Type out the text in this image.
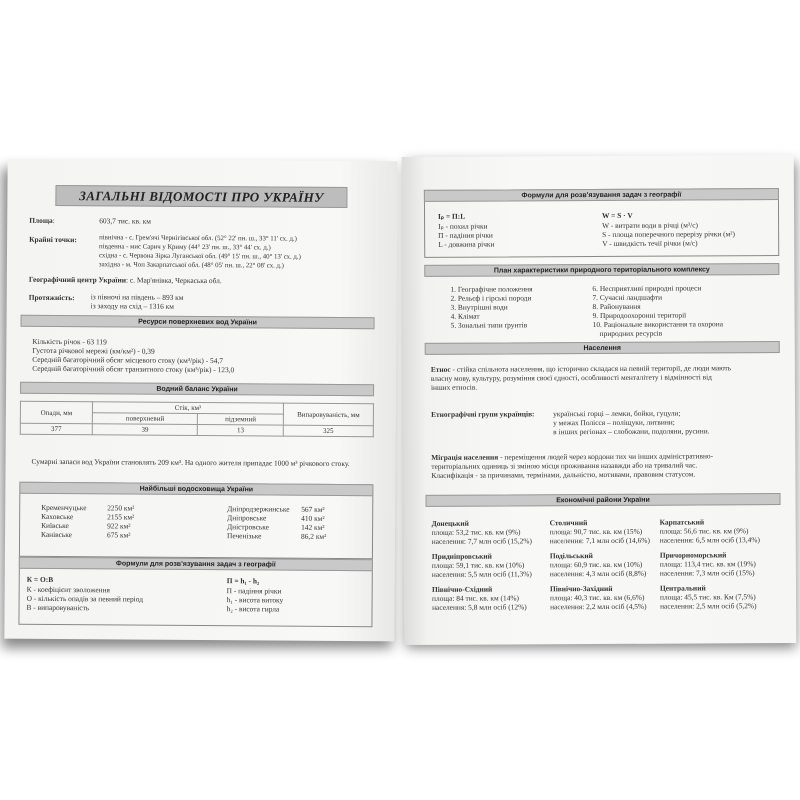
ЗАГАЛЬНІ ВІДОМОСТІ ПРО УКРАЇНУ
Площа:	603,7 тис. кв. км
Крайні точки:	північна - с. Грем'ячі Чернігівської обл. (52° 22' пн. ш., 33° 11' сх. д.)
південна - мис Сарич у Криму (44° 23' пн. ш., 33° 44' сх. д.)
східна - с. Червона Зірка Луганської обл. (49° 15' пн. ш., 40° 13' сх. д.)
західна - м. Чоп Закарпатської обл. (48° 05' пн. ш., 22° 08' сх. д.)
Географічний центр України: с. Мар'янівка, Черкаська обл.
Протяжність: із півночі на південь – 893 км
із заходу на схід – 1316 км
Ресурси поверхневих вод України
Кількість річок - 63 119
Густота річкової мережі (км/км²) - 0,39
Середній багаторічний обсяг місцевого стоку (км³/рік) - 54,7
Середній багаторічний обсяг транзитного стоку (км³/рік) - 123,0
Водний баланс України
Опади, мм	Стік, км³		Випаровуваність, мм
	поверхневий	підземний	
377	39	13	325
Сумарні запаси вод України становлять 209 км³. На одного жителя припадає 1000 м³ річкового стоку.
Найбільші водосховища України
Формули для розв'язування задач з географії
К = О:В
К - коефіцієнт зволоження
О - кількість опадів за певний період
В - випаровуваність
П = h₁ - h₂
П - падіння річки
h₁ - висота витоку
h₂ - висота гирла
Кременчуцьке	2250 км²
Каховське	2155 км²
Київське	922 км²
Канівське	675 км²
Дніпродзержинське 567 км²
Дніпровське	410 км²
Дністровське	142 км²
Печенізьке	86,2 км²
Формули для розв'язування задач з географії
Іₚ = П:L
Іₚ - похил річки
П - падіння річки
L - довжина річки
W = S · V
W - витрати води в річці (м³/с)
S - площа поперечного перерізу річки (м²)
V - швидкість течії річки (м/с)
План характеристики природного територіального комплексу
Населення
Етнос - стійка спільнота населення, що історично складася на певній території, де люди мають
власну мову, культуру, розуміння своєї єдності, особливості менталітету і відмінності від
інших етносів.
Етнографічні групи українців:	українські горці – лемки, бойки, гуцули;
у межах Полісся – поліщуки, литвини;
в інших регіонах – слобожани, подоляни, русини.
Міграція населення - переміщення людей через кордони тих чи інших адміністративно-
територіальних одиниць зі зміною місця проживання назавжди або на тривалий час.
Класифікація - за причинами, термінами, дальністю, мотивами, правовим статусом.
Економічні райони України
1. Географічне положення
2. Рельєф і гірські породи
3. Внутрішні води
4. Клімат
5. Зональні типи ґрунтів
6. Несприятливі природні процеси
7. Сучасні ландшафти
8. Районування
9. Природоохоронні території
10. Раціональне використання та охорона
природних ресурсів
Донецький
площа: 53,2 тис. кв. км (9%)
населення: 7,7 млн осіб (15,2%)
Столичний
площа: 90,7 тис. кв. км (15%)
населення: 7,1 млн осіб (14,6%)
Карпатський
площа: 56,6 тис. кв. км (9%)
населення: 6,5 млн осіб (13,4%)
Придніпровський
площа: 59,1 тис. кв. км (10%)
населення: 5,5 млн осіб (11,3%)
Подільський
площа: 60,9 тис. кв. км (10%)
населення: 4,3 млн осіб (8,8%)
Причорноморський
площа: 113,4 тис. кв. км (19%)
населення: 7,3 млн осіб (15%)
Північно-Східний
площа: 84 тис. кв. км (14%)
населення: 5,8 млн осіб (12%)
Північно-Західний
площа: 40,3 тис. кв. км (6,6%)
населення: 2,2 млн осіб (4,5%)
Центральний
площа: 45,5 тис. кв. Км (7,5%)
населення: 2,5 млн осіб (5,2%)
